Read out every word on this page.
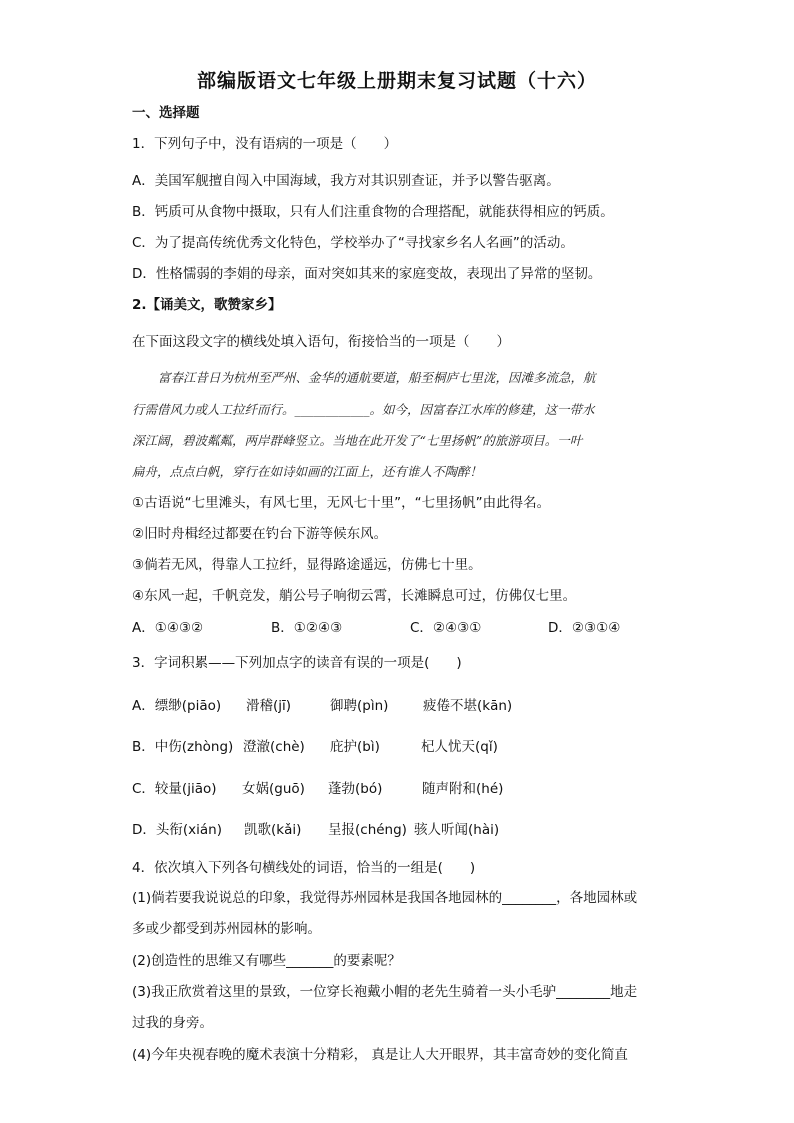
部编版语文七年级上册期末复习试题（十六）
一、选择题
1．下列句子中，没有语病的一项是（　　）
A．美国军舰擅自闯入中国海域，我方对其识别查证，并予以警告驱离。
B．钙质可从食物中摄取，只有人们注重食物的合理搭配，就能获得相应的钙质。
C．为了提高传统优秀文化特色，学校举办了“寻找家乡名人名画”的活动。
D．性格懦弱的李娟的母亲，面对突如其来的家庭变故，表现出了异常的坚韧。
2.【诵美文，歌赞家乡】
在下面这段文字的横线处填入语句，衔接恰当的一项是（　　）
富春江昔日为杭州至严州、金华的通航要道，船至桐庐七里泷，因滩多流急，航
行需借风力或人工拉纤而行。____________。如今，因富春江水库的修建，这一带水
深江阔，碧波粼粼，两岸群峰竖立。当地在此开发了“七里扬帆”的旅游项目。一叶
扁舟，点点白帆，穿行在如诗如画的江面上，还有谁人不陶醉！
①古语说“七里滩头，有风七里，无风七十里”，“七里扬帆”由此得名。
②旧时舟楫经过都要在钓台下游等候东风。
③倘若无风，得靠人工拉纤，显得路途遥远，仿佛七十里。
④东风一起，千帆竞发，艄公号子响彻云霄，长滩瞬息可过，仿佛仅七里。
A．①④③②	B．①②④③	C．②④③①	D．②③①④
3．字词积累——下列加点字的读音有误的一项是(　　)
A．缥缈(piāo) 滑稽(jī)	御聘(pìn)	疲倦不堪(kān)
B．中伤(zhòng) 澄澈(chè) 庇护(bì)	杞人忧天(qǐ)
C．较量(jiāo) 女娲(guō) 蓬勃(bó)	随声附和(hé)
D．头衔(xián) 凯歌(kǎi) 呈报(chéng) 骇人听闻(hài)
4．依次填入下列各句横线处的词语，恰当的一组是(　　)
(1)倘若要我说说总的印象，我觉得苏州园林是我国各地园林的________，各地园林或
多或少都受到苏州园林的影响。
(2)创造性的思维又有哪些_______的要素呢？
(3)我正欣赏着这里的景致，一位穿长袍戴小帽的老先生骑着一头小毛驴________地走
过我的身旁。
(4)今年央视春晚的魔术表演十分精彩， 真是让人大开眼界，其丰富奇妙的变化简直
